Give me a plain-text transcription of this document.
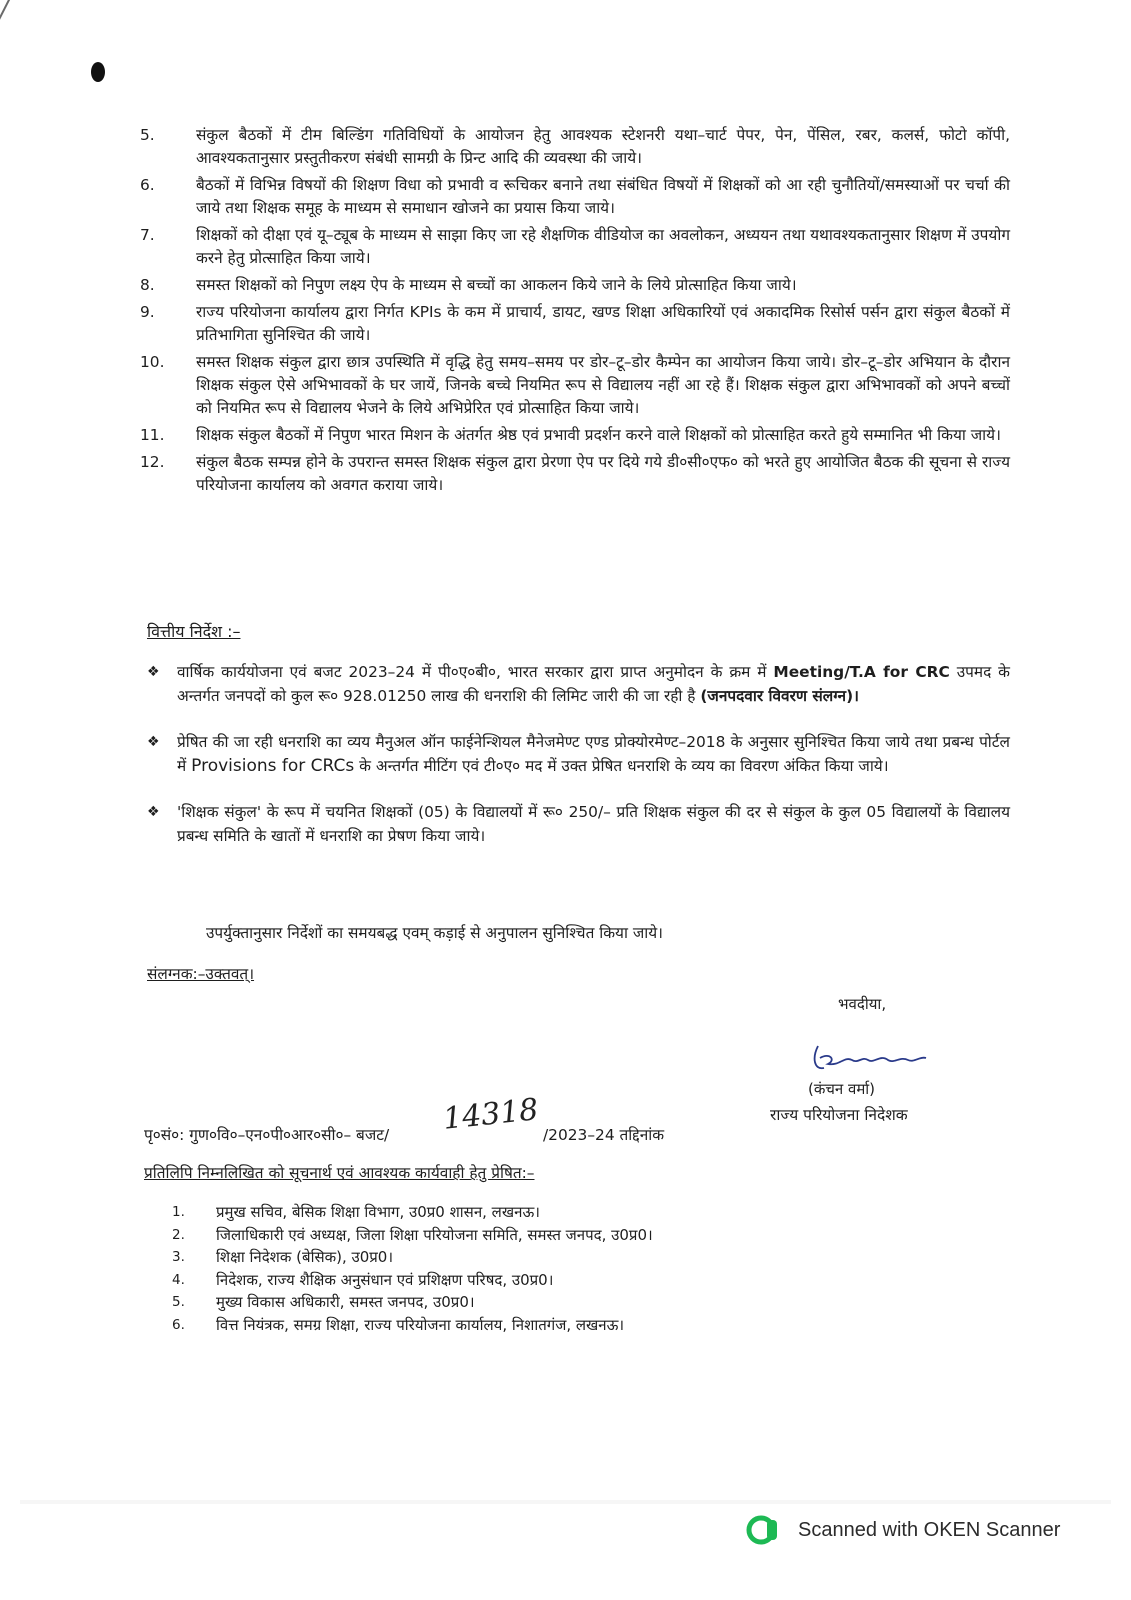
5.	संकुल बैठकों में टीम बिल्डिंग गतिविधियों के आयोजन हेतु आवश्यक स्टेशनरी यथा–चार्ट पेपर, पेन, पेंसिल, रबर, कलर्स, फोटो कॉपी, आवश्यकतानुसार प्रस्तुतीकरण संबंधी सामग्री के प्रिन्ट आदि की व्यवस्था की जाये।
6.	बैठकों में विभिन्न विषयों की शिक्षण विधा को प्रभावी व रूचिकर बनाने तथा संबंधित विषयों में शिक्षकों को आ रही चुनौतियों/समस्याओं पर चर्चा की जाये तथा शिक्षक समूह के माध्यम से समाधान खोजने का प्रयास किया जाये।
7.	शिक्षकों को दीक्षा एवं यू–ट्यूब के माध्यम से साझा किए जा रहे शैक्षणिक वीडियोज का अवलोकन, अध्ययन तथा यथावश्यकतानुसार शिक्षण में उपयोग करने हेतु प्रोत्साहित किया जाये।
8.	समस्त शिक्षकों को निपुण लक्ष्य ऐप के माध्यम से बच्चों का आकलन किये जाने के लिये प्रोत्साहित किया जाये।
9.	राज्य परियोजना कार्यालय द्वारा निर्गत KPIs के कम में प्राचार्य, डायट, खण्ड शिक्षा अधिकारियों एवं अकादमिक रिसोर्स पर्सन द्वारा संकुल बैठकों में प्रतिभागिता सुनिश्चित की जाये।
10.	समस्त शिक्षक संकुल द्वारा छात्र उपस्थिति में वृद्धि हेतु समय–समय पर डोर–टू–डोर कैम्पेन का आयोजन किया जाये। डोर–टू–डोर अभियान के दौरान शिक्षक संकुल ऐसे अभिभावकों के घर जायें, जिनके बच्चे नियमित रूप से विद्यालय नहीं आ रहे हैं। शिक्षक संकुल द्वारा अभिभावकों को अपने बच्चों को नियमित रूप से विद्यालय भेजने के लिये अभिप्रेरित एवं प्रोत्साहित किया जाये।
11.	शिक्षक संकुल बैठकों में निपुण भारत मिशन के अंतर्गत श्रेष्ठ एवं प्रभावी प्रदर्शन करने वाले शिक्षकों को प्रोत्साहित करते हुये सम्मानित भी किया जाये।
12.	संकुल बैठक सम्पन्न होने के उपरान्त समस्त शिक्षक संकुल द्वारा प्रेरणा ऐप पर दिये गये डी०सी०एफ० को भरते हुए आयोजित बैठक की सूचना से राज्य परियोजना कार्यालय को अवगत कराया जाये।
वित्तीय निर्देश :–
❖	वार्षिक कार्ययोजना एवं बजट 2023–24 में पी०ए०बी०, भारत सरकार द्वारा प्राप्त अनुमोदन के क्रम में Meeting/T.A for CRC उपमद के अन्तर्गत जनपदों को कुल रू० 928.01250 लाख की धनराशि की लिमिट जारी की जा रही है (जनपदवार विवरण संलग्न)।
❖	प्रेषित की जा रही धनराशि का व्यय मैनुअल ऑन फाईनेन्शियल मैनेजमेण्ट एण्ड प्रोक्योरमेण्ट–2018 के अनुसार सुनिश्चित किया जाये तथा प्रबन्ध पोर्टल में Provisions for CRCs के अन्तर्गत मीटिंग एवं टी०ए० मद में उक्त प्रेषित धनराशि के व्यय का विवरण अंकित किया जाये।
❖	'शिक्षक संकुल' के रूप में चयनित शिक्षकों (05) के विद्यालयों में रू० 250/– प्रति शिक्षक संकुल की दर से संकुल के कुल 05 विद्यालयों के विद्यालय प्रबन्ध समिति के खातों में धनराशि का प्रेषण किया जाये।
उपर्युक्तानुसार निर्देशों का समयबद्ध एवम् कड़ाई से अनुपालन सुनिश्चित किया जाये।
संलग्नक:–उक्तवत्।
भवदीया,
(कंचन वर्मा)
राज्य परियोजना निदेशक
पृ०सं०: गुण०वि०–एन०पी०आर०सी०– बजट/ 14318 /2023–24 तद्दिनांक
प्रतिलिपि निम्नलिखित को सूचनार्थ एवं आवश्यक कार्यवाही हेतु प्रेषित:–
1.	प्रमुख सचिव, बेसिक शिक्षा विभाग, उ0प्र0 शासन, लखनऊ।
2.	जिलाधिकारी एवं अध्यक्ष, जिला शिक्षा परियोजना समिति, समस्त जनपद, उ0प्र0।
3.	शिक्षा निदेशक (बेसिक), उ0प्र0।
4.	निदेशक, राज्य शैक्षिक अनुसंधान एवं प्रशिक्षण परिषद, उ0प्र0।
5.	मुख्य विकास अधिकारी, समस्त जनपद, उ0प्र0।
6.	वित्त नियंत्रक, समग्र शिक्षा, राज्य परियोजना कार्यालय, निशातगंज, लखनऊ।
Scanned with OKEN Scanner
